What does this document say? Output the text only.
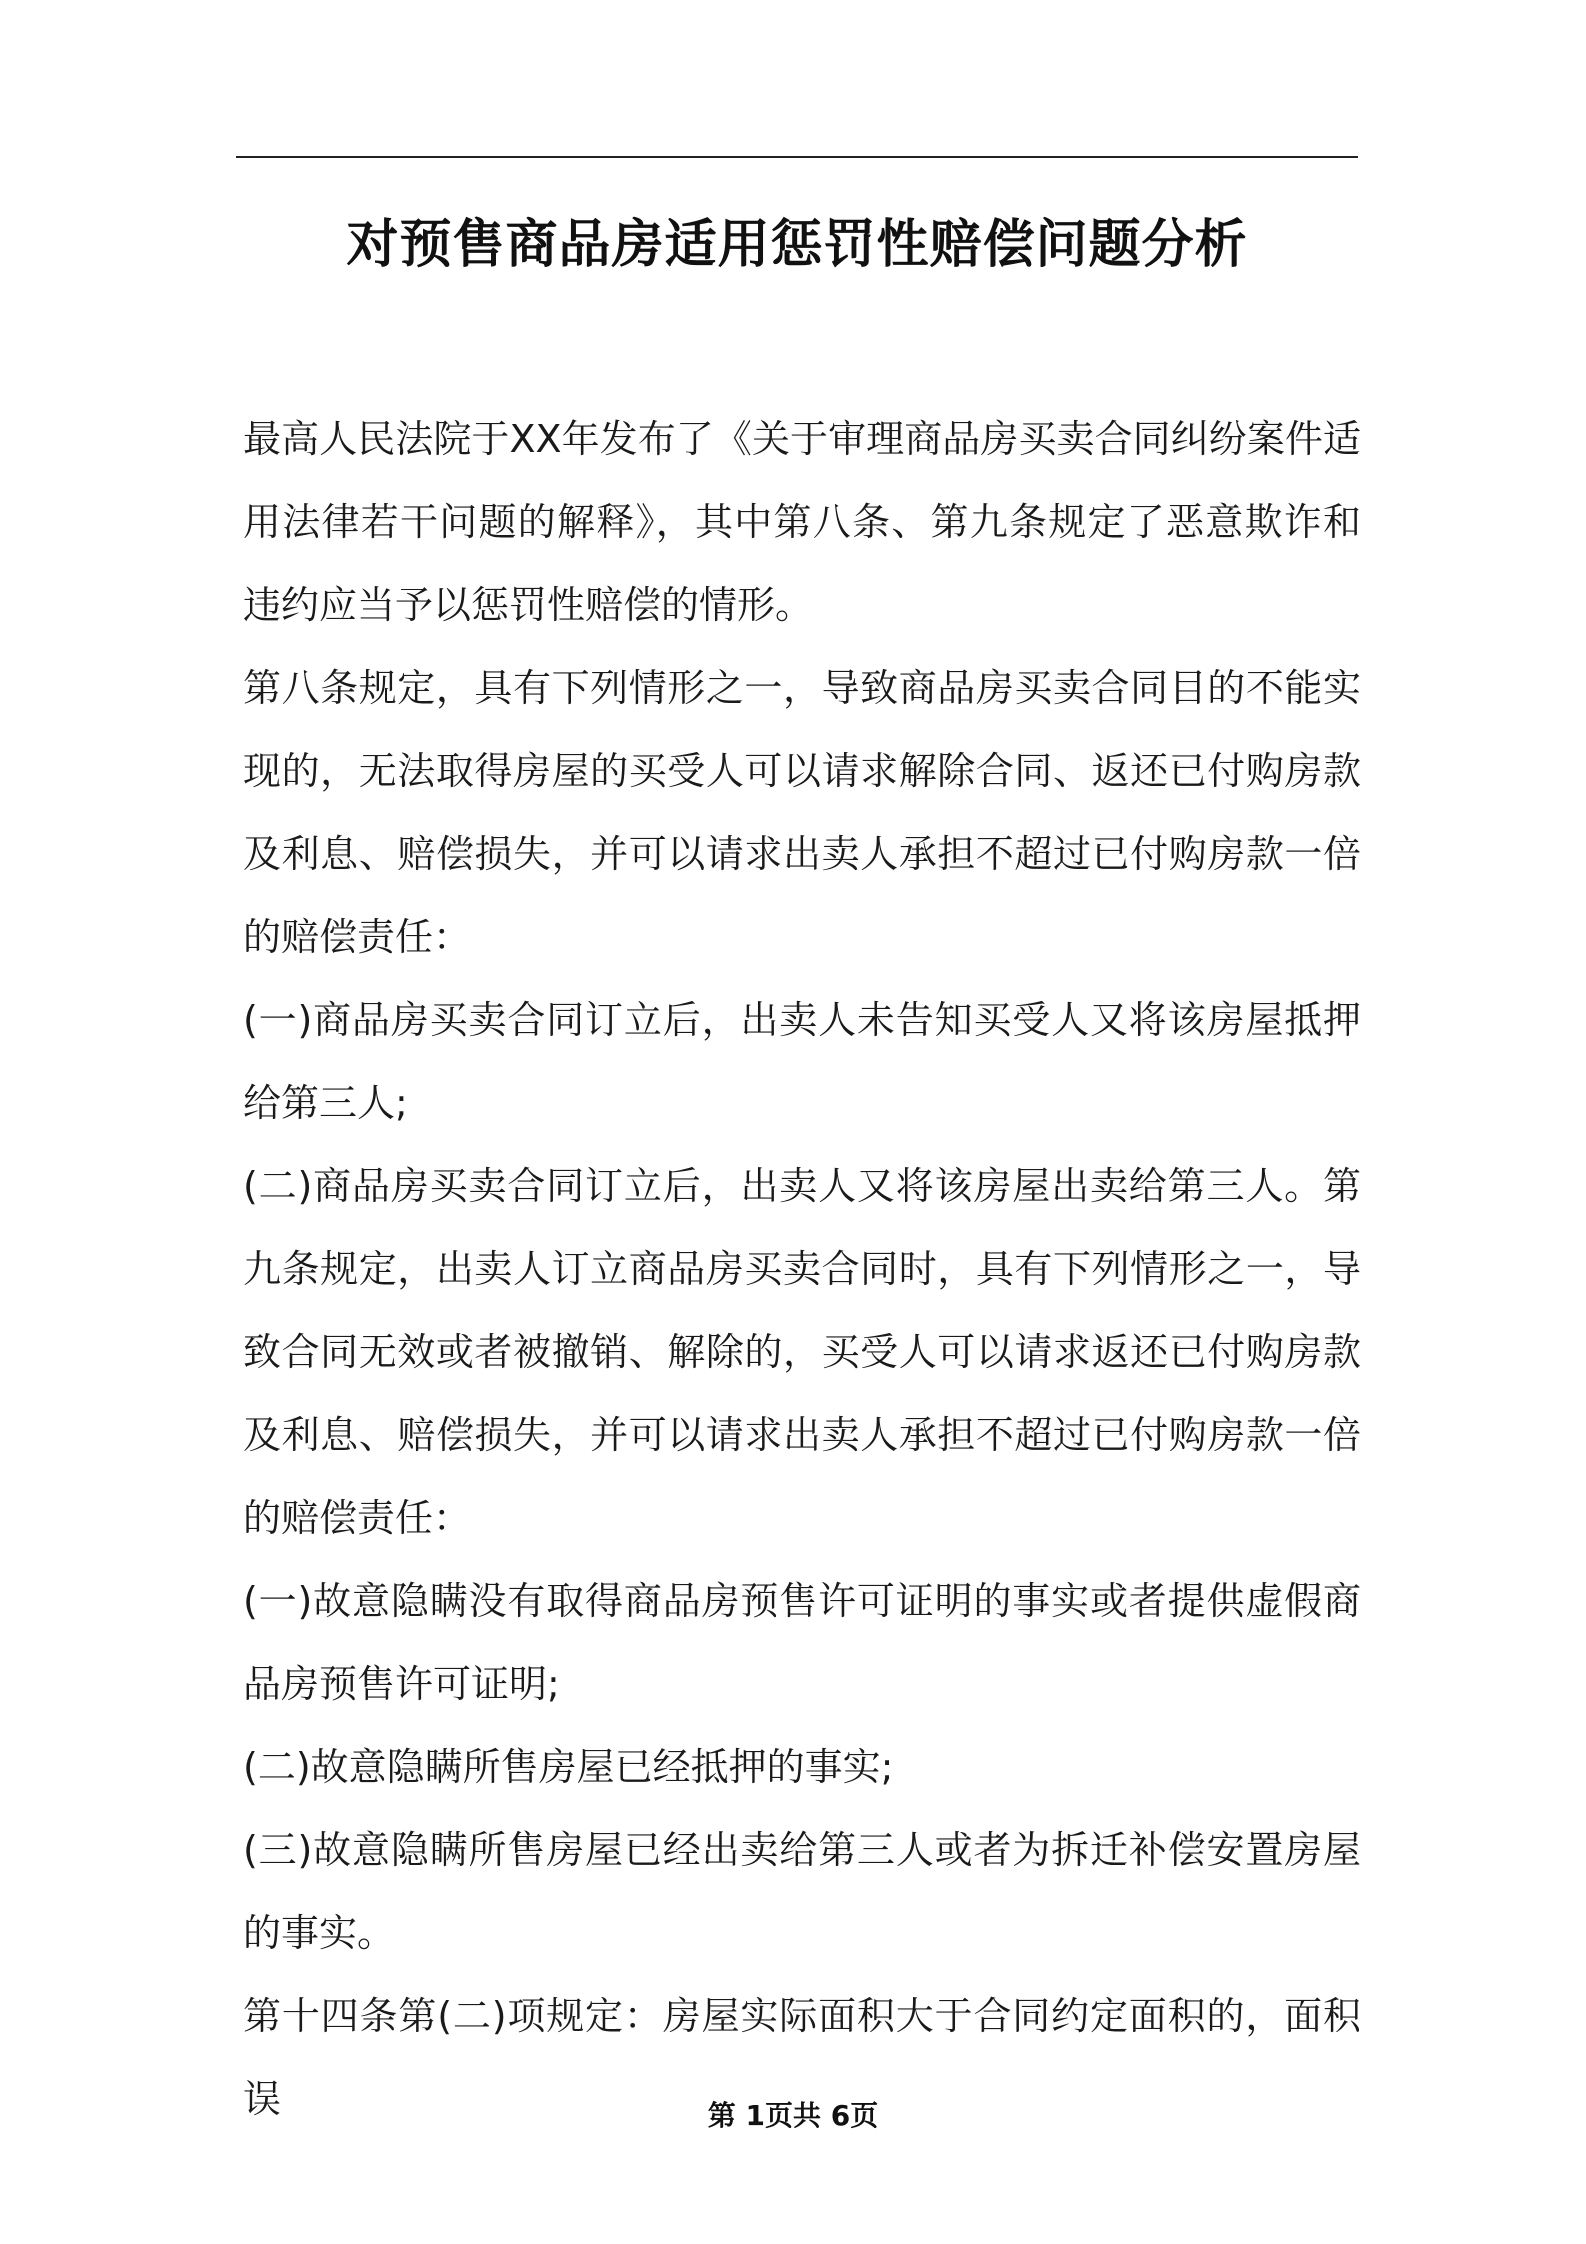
对预售商品房适用惩罚性赔偿问题分析

最高人民法院于XX年发布了《关于审理商品房买卖合同纠纷案件适用法律若干问题的解释》，其中第八条、第九条规定了恶意欺诈和违约应当予以惩罚性赔偿的情形。

第八条规定，具有下列情形之一，导致商品房买卖合同目的不能实现的，无法取得房屋的买受人可以请求解除合同、返还已付购房款及利息、赔偿损失，并可以请求出卖人承担不超过已付购房款一倍的赔偿责任：

(一)商品房买卖合同订立后，出卖人未告知买受人又将该房屋抵押给第三人;

(二)商品房买卖合同订立后，出卖人又将该房屋出卖给第三人。第九条规定，出卖人订立商品房买卖合同时，具有下列情形之一，导致合同无效或者被撤销、解除的，买受人可以请求返还已付购房款及利息、赔偿损失，并可以请求出卖人承担不超过已付购房款一倍的赔偿责任：

(一)故意隐瞒没有取得商品房预售许可证明的事实或者提供虚假商品房预售许可证明;

(二)故意隐瞒所售房屋已经抵押的事实;

(三)故意隐瞒所售房屋已经出卖给第三人或者为拆迁补偿安置房屋的事实。

第十四条第(二)项规定：房屋实际面积大于合同约定面积的，面积误	第 1页共 6页
